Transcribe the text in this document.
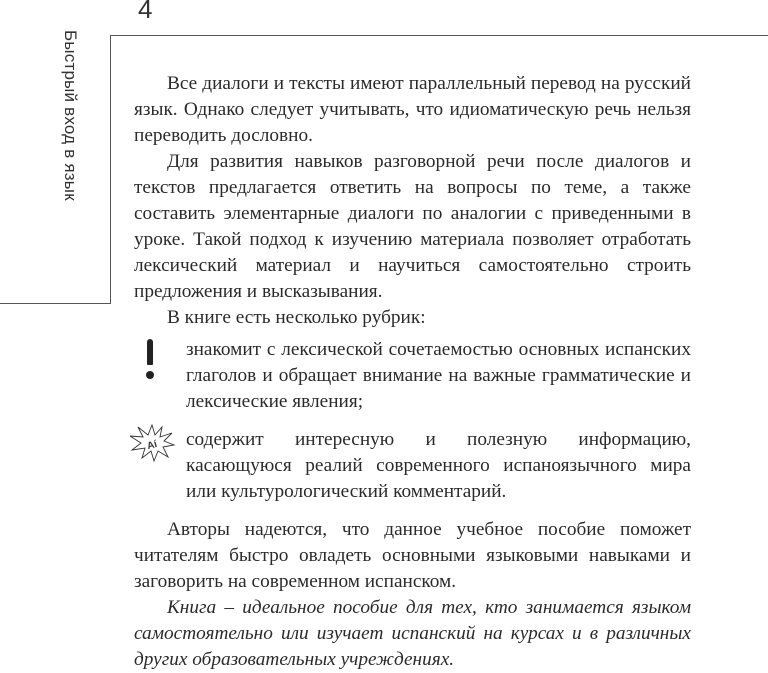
4
Быстрый вход в язык	Все диалоги и тексты имеют параллельный перевод на русский язык. Однако следует учитывать, что идиоматическую речь нельзя переводить дословно.

Для развития навыков разговорной речи после диалогов и текстов предлагается ответить на вопросы по теме, а также составить элементарные диалоги по аналогии с приведенными в уроке. Такой подход к изучению материала позволяет отработать лексический материал и научиться самостоятельно строить предложения и высказывания.

В книге есть несколько рубрик:

знакомит с лексической сочетаемостью основных испанских глаголов и обращает внимание на важные грамматические и лексические явления;

Aí содержит интересную и полезную информацию, касающуюся реалий современного испаноязычного мира или культурологический комментарий.

Авторы надеются, что данное учебное пособие поможет читателям быстро овладеть основными языковыми навыками и заговорить на современном испанском.

Книга – идеальное пособие для тех, кто занимается языком самостоятельно или изучает испанский на курсах и в различных других образовательных учреждениях.
